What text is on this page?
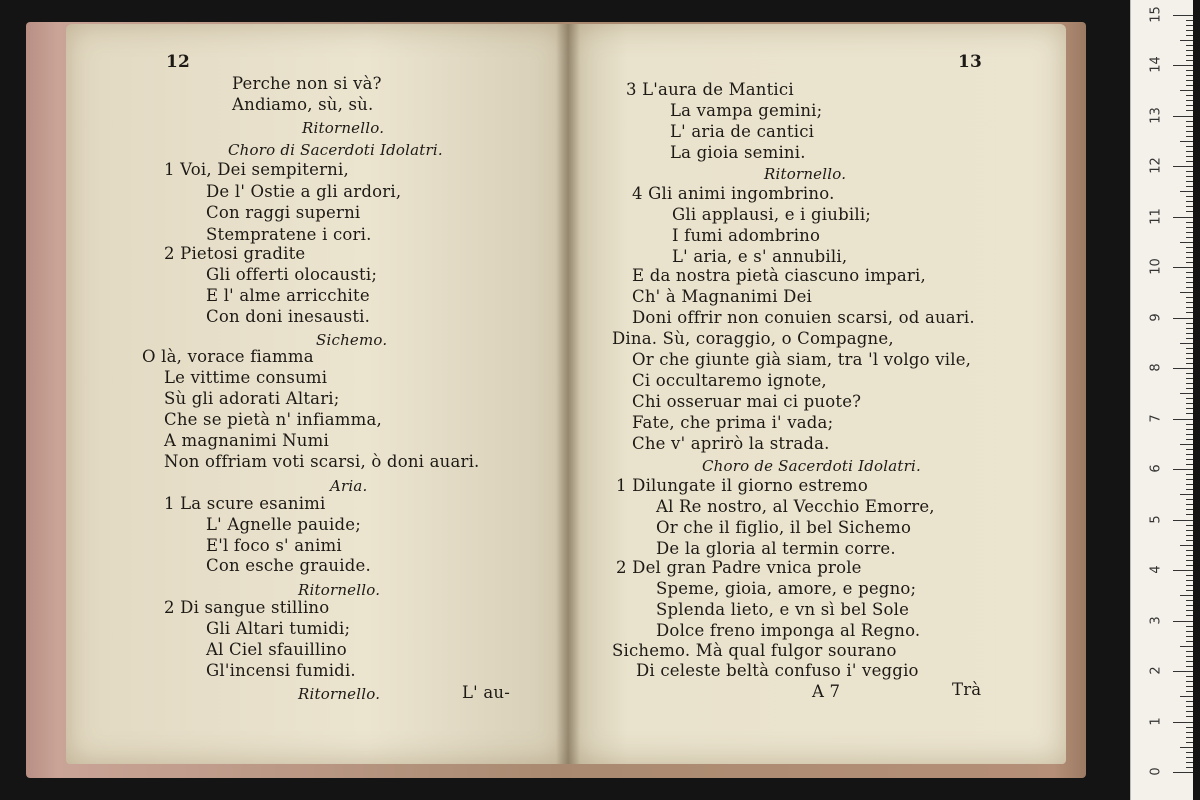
12	13
Perche non si và?
Andiamo, sù, sù.
Ritornello.
Choro di Sacerdoti Idolatri.
1 Voi, Dei sempiterni,
De l' Ostie a gli ardori,
Con raggi superni
Stempratene i cori.
2 Pietosi gradite
Gli offerti olocausti;
E l' alme arricchite
Con doni inesausti.
Sichemo.
O là, vorace fiamma
Le vittime consumi
Sù gli adorati Altari;
Che se pietà n' infiamma,
A magnanimi Numi
Non offriam voti scarsi, ò doni auari.
Aria.
1 La scure esanimi
L' Agnelle pauide;
E'l foco s' animi
Con esche grauide.
Ritornello.
2 Di sangue stillino
Gli Altari tumidi;
Al Ciel sfauillino
Gl'incensi fumidi.
Ritornello.	L' au-
3 L'aura de Mantici
La vampa gemini;
L' aria de cantici
La gioia semini.
Ritornello.
4 Gli animi ingombrino.
Gli applausi, e i giubili;
I fumi adombrino
L' aria, e s' annubili,
E da nostra pietà ciascuno impari,
Ch' à Magnanimi Dei
Doni offrir non conuien scarsi, od auari.
Dina. Sù, coraggio, o Compagne,
Or che giunte già siam, tra 'l volgo vile,
Ci occultaremo ignote,
Chi osseruar mai ci puote?
Fate, che prima i' vada;
Che v' aprirò la strada.
Choro de Sacerdoti Idolatri.
1 Dilungate il giorno estremo
Al Re nostro, al Vecchio Emorre,
Or che il figlio, il bel Sichemo
De la gloria al termin corre.
2 Del gran Padre vnica prole
Speme, gioia, amore, e pegno;
Splenda lieto, e vn sì bel Sole
Dolce freno imponga al Regno.
Sichemo. Mà qual fulgor sourano
Di celeste beltà confuso i' veggio
A 7	Trà
0
1
2
3
4
5
6
7
8
9
10
11
12
13
14
15
